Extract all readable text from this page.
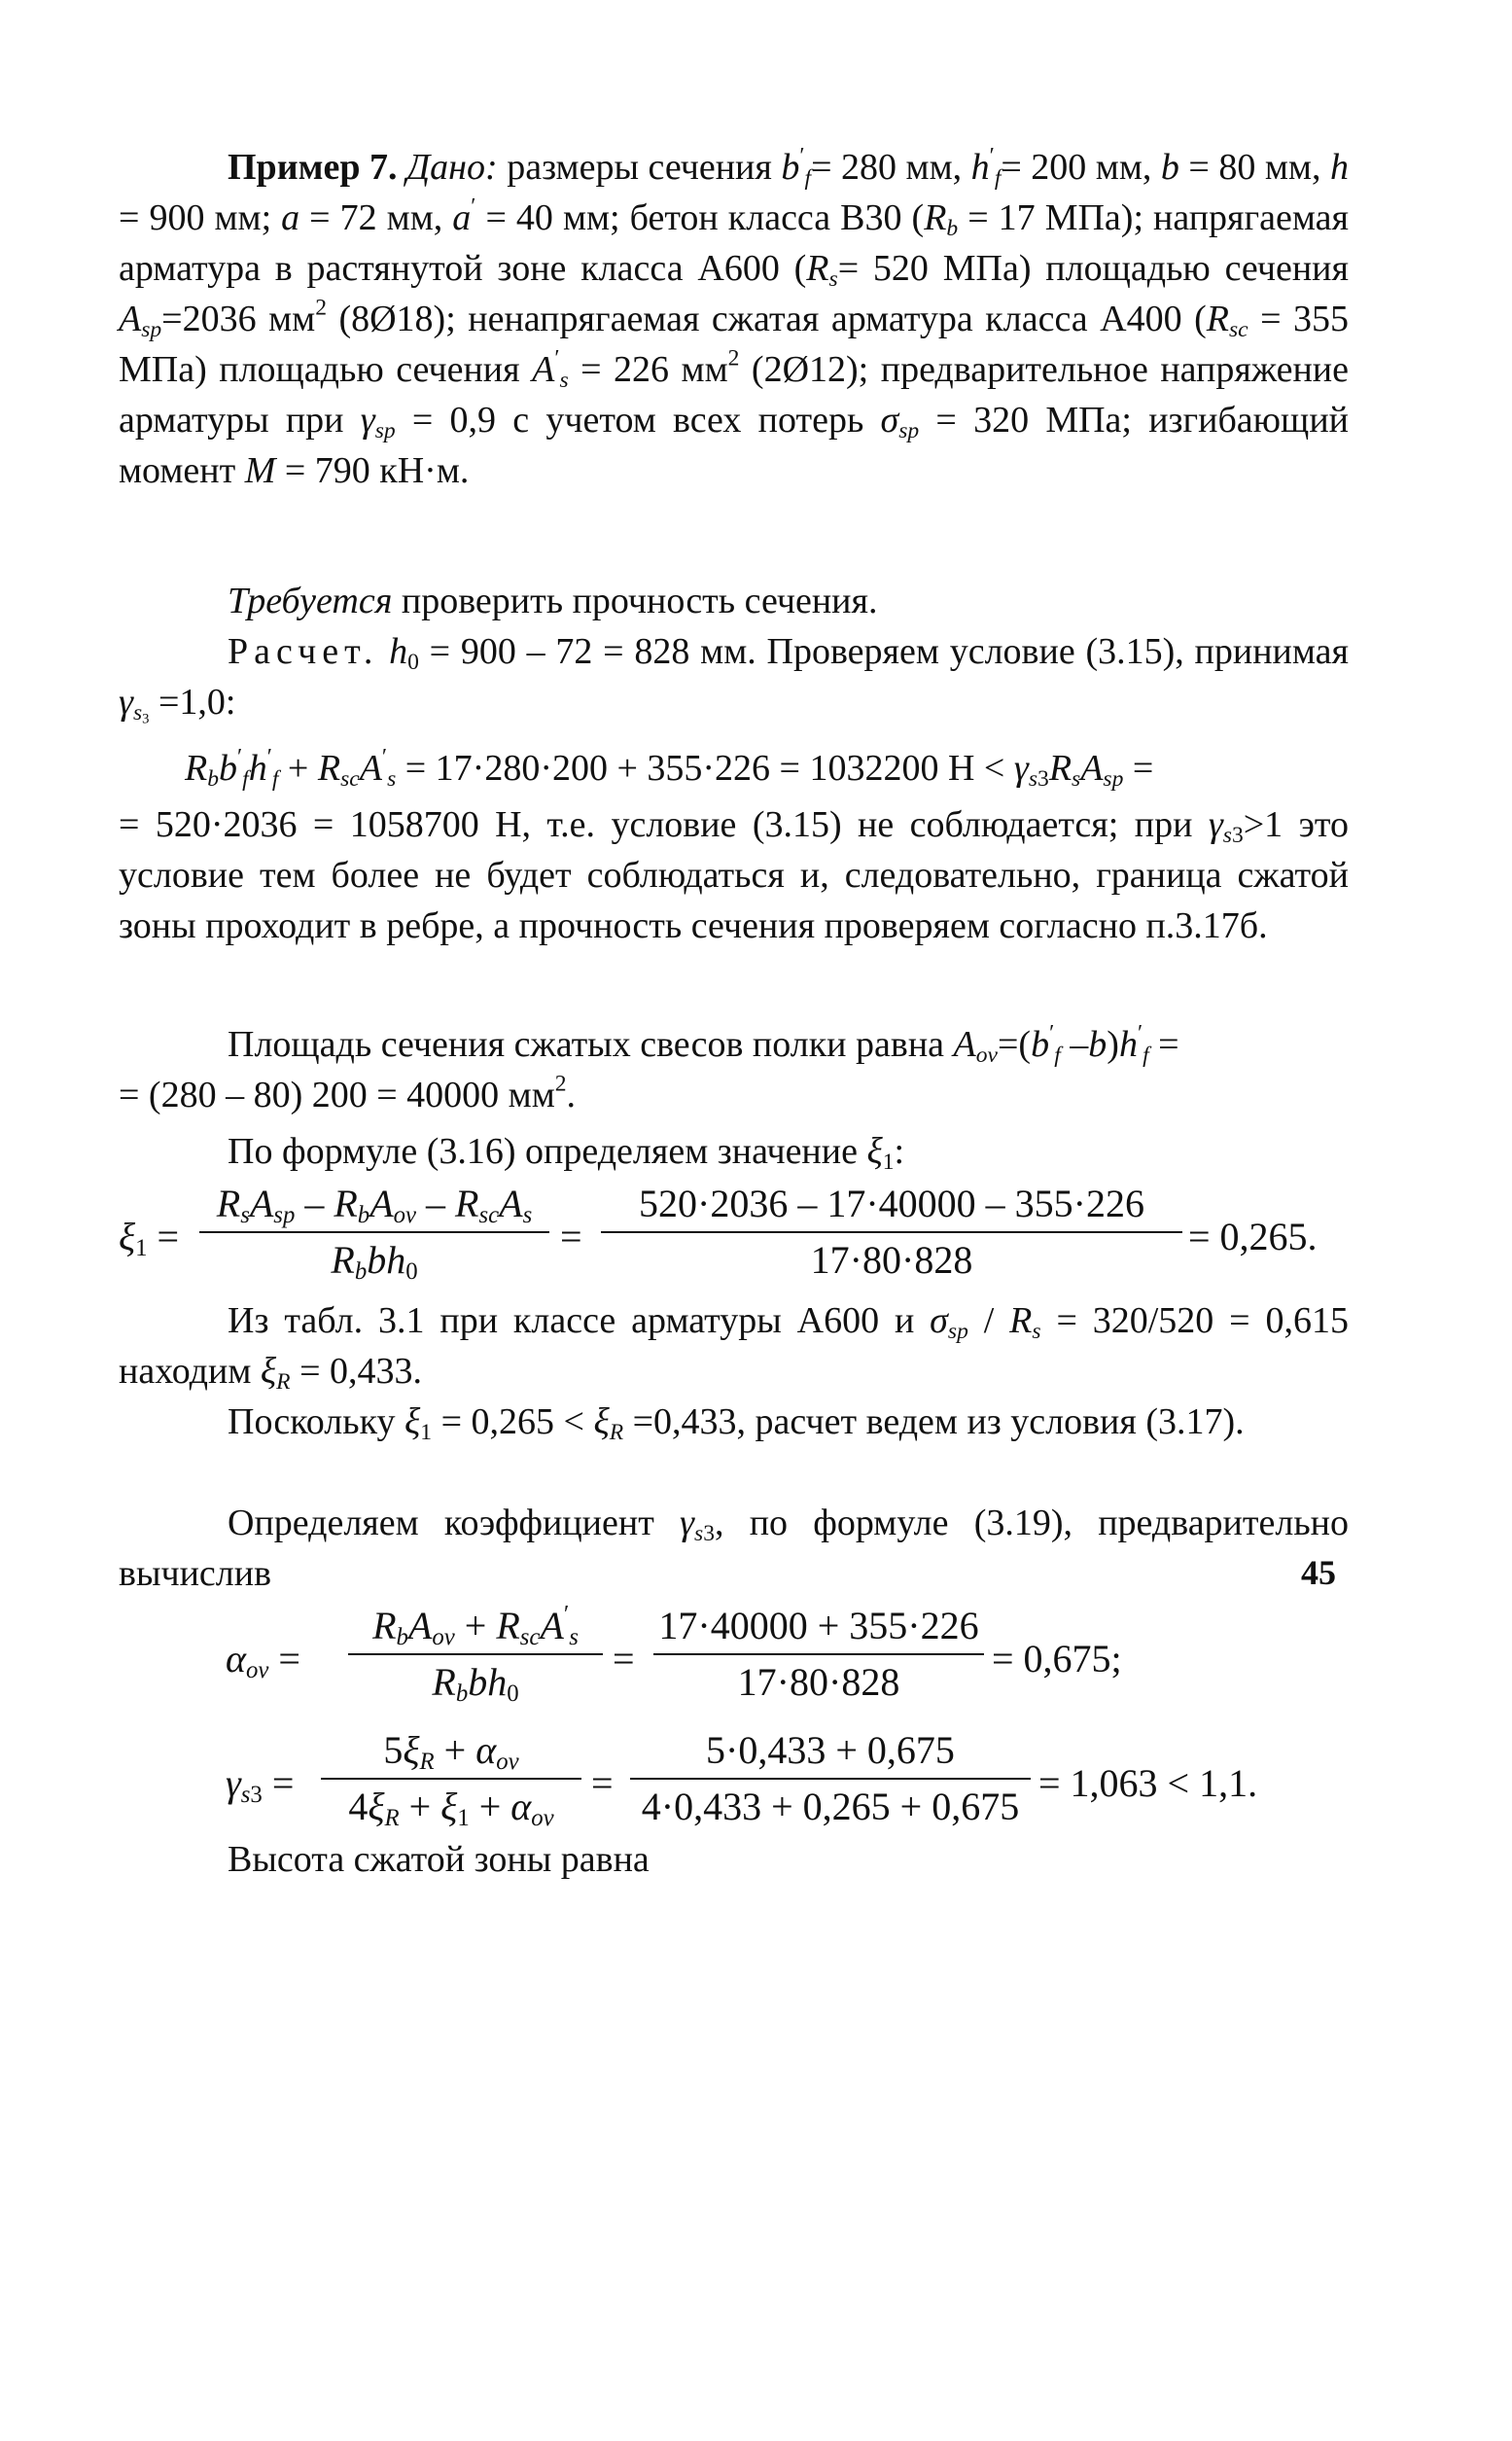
Пример 7. Дано: размеры сечения $b'_f= 280$ мм, $h'_f= 200$ мм, b = 80 мм, h = 900 мм; a = 72 мм, a′ = 40 мм; бетон класса В30 ($R_b = 17$ МПа); напрягаемая арматура в растянутой зоне класса А600 ($R_s= 520$ МПа) площадью сечения $A_{sp}=2036$ $мм^2$ (8Ø18); ненапрягаемая сжатая арматура класса А400 ($R_{sc} = 355$ МПа) площадью сечения $A'_s = 226$ $мм^2$ (2Ø12); предварительное напряжение арматуры при $\gamma_{sp} = 0,9$ с учетом всех потерь $\sigma_{sp} = 320$ МПа; изгибающий момент M = 790 кН·м.
Требуется проверить прочность сечения.
Расчет. $h_0 = 900 - 72 = 828$ мм. Проверяем условие (3.15), принимая $\gamma_{s_3} =1,0$:
$R_bb'_fh'_f + R_{sc}A'_s = 17\cdot 280\cdot 200 + 355\cdot 226 = 1032200$ $Н < \gamma_{s3}R_sA_{sp}$ =
= 520·2036 = 1058700 Н, т.е. условие (3.15) не соблюдается; при $\gamma_{s3}>1$ это условие тем более не будет соблюдаться и, следовательно, граница сжатой зоны проходит в ребре, а прочность сечения проверяем согласно п.3.17б.
Площадь сечения сжатых свесов полки равна $A_{ov}=(b'_f$ $-b)h'_f$ =
= (280 – 80) 200 = 40000 $мм^2$.
По формуле (3.16) определяем значение $\xi_1$:
$\xi_1$ =
$R_sA_{sp} - R_bA_{ov} - R_{sc}A_s$
$R_bbh_0$
=
520·2036 – 17·40000 – 355·226
17·80·828
= 0,265.
Из табл. 3.1 при классе арматуры А600 и $\sigma_{sp} / R_s = 320/520 = 0,615$ находим $\xi_R = 0,433$.
Поскольку $\xi_1 = 0,265 < \xi_R =0,433$, расчет ведем из условия (3.17).
Определяем коэффициент $\gamma_{s3}$, по формуле (3.19), предварительно вычислив
$\alpha_{ov}$ =
$R_bA_{ov} + R_{sc}A'_s$
$R_bbh_0$
=
17·40000 + 355·226
17·80·828
= 0,675;
$\gamma_{s3}$ =
$5\xi_R + \alpha_{ov}$
$4\xi_R + \xi_1 + \alpha_{ov}$
=
5·0,433 + 0,675
4·0,433 + 0,265 + 0,675
= 1,063 < 1,1.
Высота сжатой зоны равна
45
